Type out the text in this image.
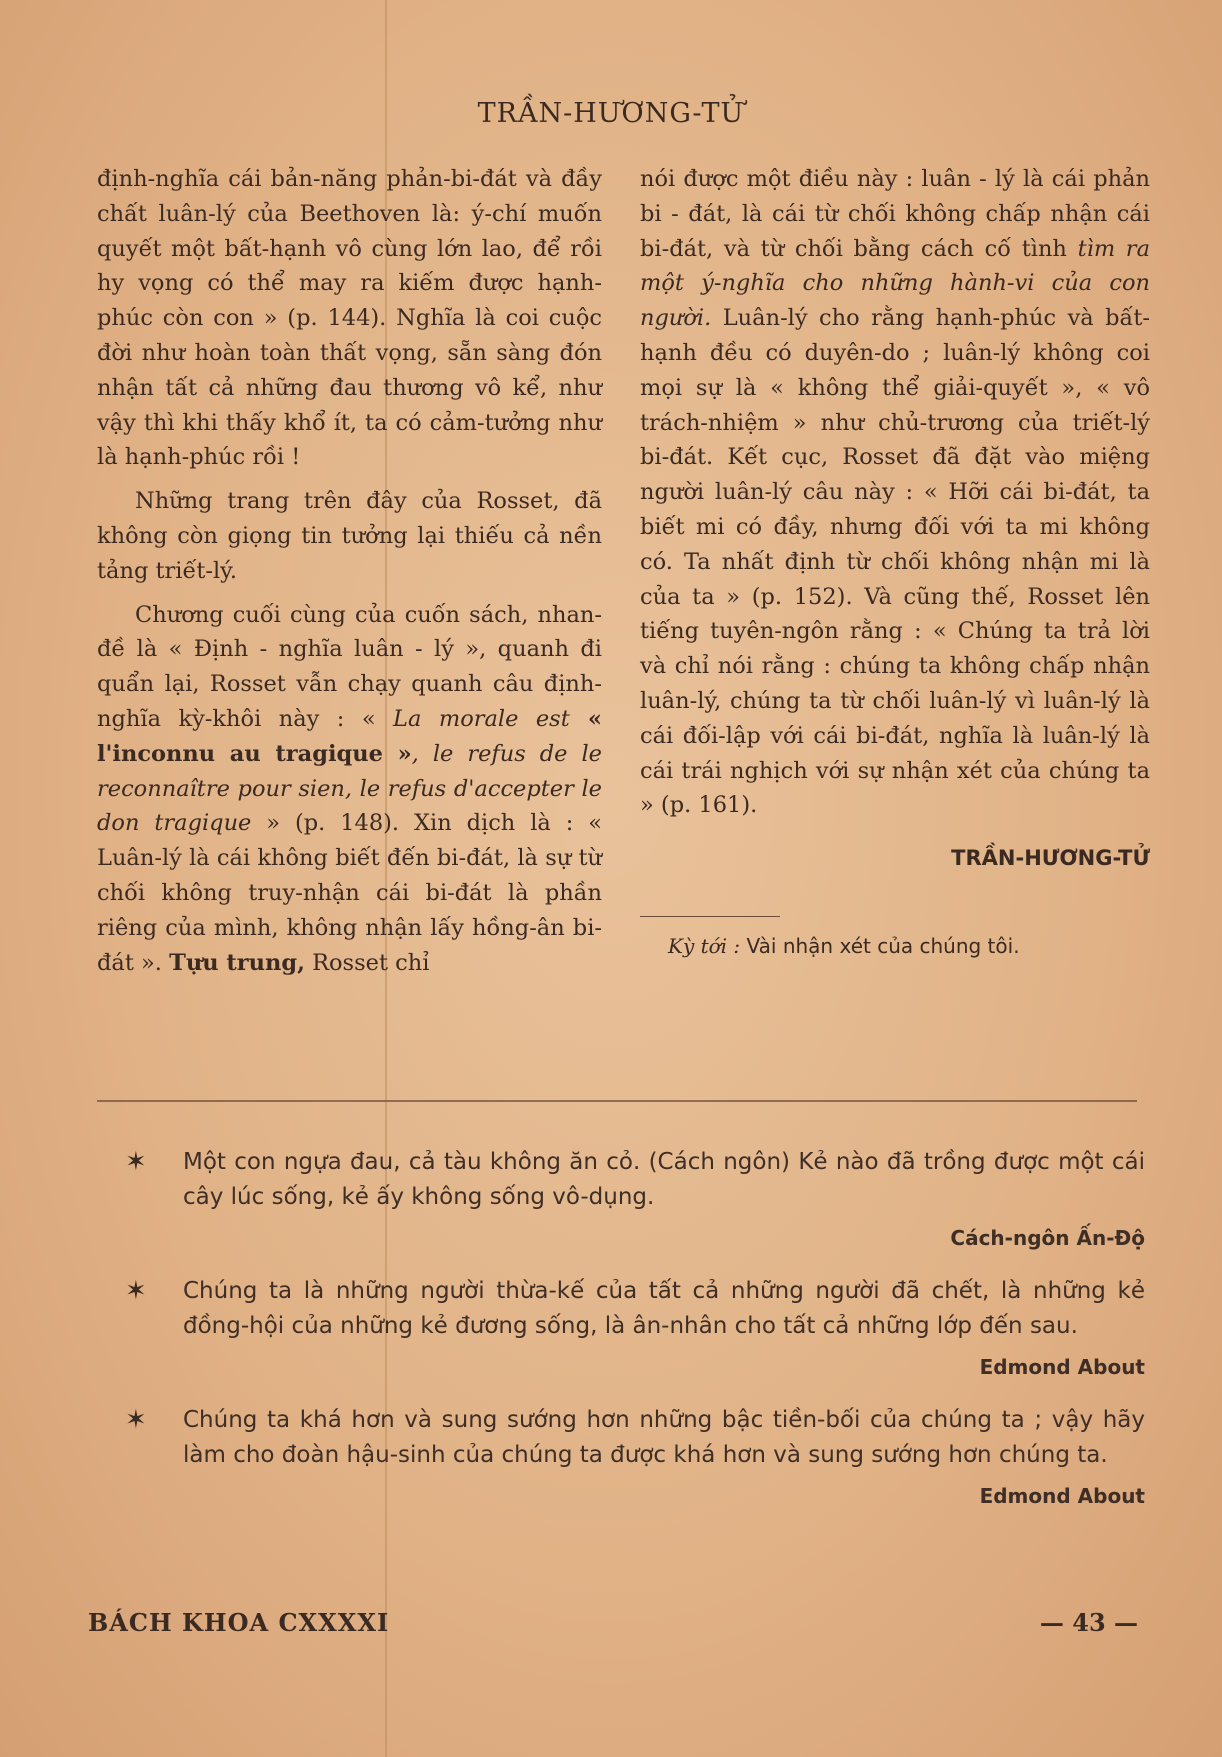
TRẦN-HƯƠNG-TỬ

định-nghĩa cái bản-năng phản-bi-đát và đầy chất luân-lý của Beethoven là: ý-chí muốn quyết một bất-hạnh vô cùng lớn lao, để rồi hy vọng có thể may ra kiếm được hạnh-phúc còn con » (p. 144). Nghĩa là coi cuộc đời như hoàn toàn thất vọng, sẵn sàng đón nhận tất cả những đau thương vô kể, như vậy thì khi thấy khổ ít, ta có cảm-tưởng như là hạnh-phúc rồi !

Những trang trên đây của Rosset, đã không còn giọng tin tưởng lại thiếu cả nền tảng triết-lý.

Chương cuối cùng của cuốn sách, nhan-đề là « Định - nghĩa luân - lý », quanh đi quẩn lại, Rosset vẫn chạy quanh câu định-nghĩa kỳ-khôi này : « La morale est « l'inconnu au tragique », le refus de le reconnaître pour sien, le refus d'accepter le don tragique » (p. 148). Xin dịch là : « Luân-lý là cái không biết đến bi-đát, là sự từ chối không truy-nhận cái bi-đát là phần riêng của mình, không nhận lấy hồng-ân bi-đát ». Tựu trung, Rosset chỉ

nói được một điều này : luân - lý là cái phản bi - đát, là cái từ chối không chấp nhận cái bi-đát, và từ chối bằng cách cố tình tìm ra một ý-nghĩa cho những hành-vi của con người. Luân-lý cho rằng hạnh-phúc và bất-hạnh đều có duyên-do ; luân-lý không coi mọi sự là « không thể giải-quyết », « vô trách-nhiệm » như chủ-trương của triết-lý bi-đát. Kết cục, Rosset đã đặt vào miệng người luân-lý câu này : « Hỡi cái bi-đát, ta biết mi có đầy, nhưng đối với ta mi không có. Ta nhất định từ chối không nhận mi là của ta » (p. 152). Và cũng thế, Rosset lên tiếng tuyên-ngôn rằng : « Chúng ta trả lời và chỉ nói rằng : chúng ta không chấp nhận luân-lý, chúng ta từ chối luân-lý vì luân-lý là cái đối-lập với cái bi-đát, nghĩa là luân-lý là cái trái nghịch với sự nhận xét của chúng ta » (p. 161).

TRẦN-HƯƠNG-TỬ
Kỳ tới : Vài nhận xét của chúng tôi.
✶ Một con ngựa đau, cả tàu không ăn cỏ. (Cách ngôn) Kẻ nào đã trồng được một cái cây lúc sống, kẻ ấy không sống vô-dụng.
Cách-ngôn Ấn-Độ
✶ Chúng ta là những người thừa-kế của tất cả những người đã chết, là những kẻ đồng-hội của những kẻ đương sống, là ân-nhân cho tất cả những lớp đến sau.
Edmond About
✶ Chúng ta khá hơn và sung sướng hơn những bậc tiền-bối của chúng ta ; vậy hãy làm cho đoàn hậu-sinh của chúng ta được khá hơn và sung sướng hơn chúng ta.
Edmond About
BÁCH KHOA CXXXXI	— 43 —
